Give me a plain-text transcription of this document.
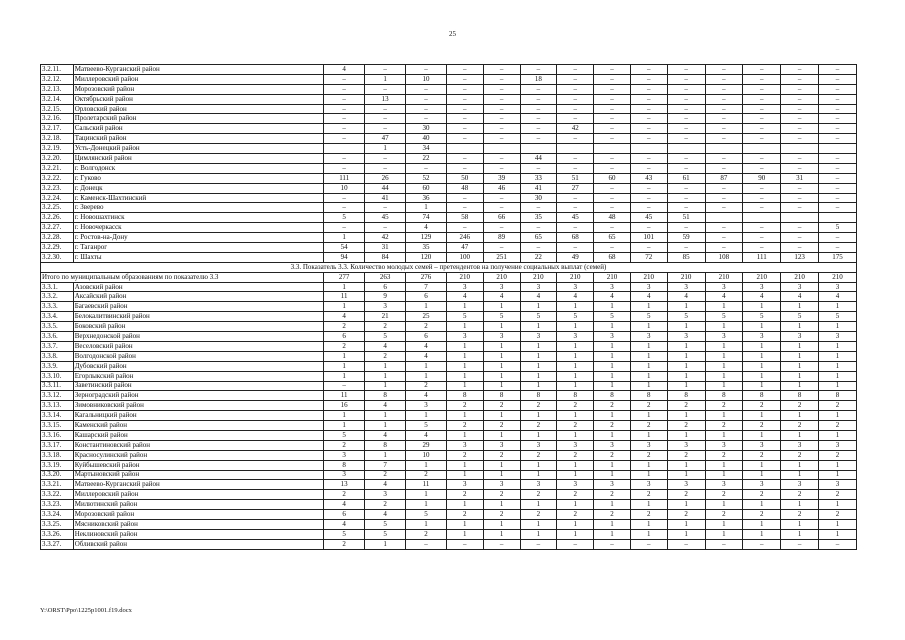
25
3.2.11.	Матвеево-Курганский район	4	–	–	–	–	–	–	–	–	–	–	–	–	–
3.2.12.	Миллеровский район	–	1	10	–	–	18	–	–	–	–	–	–	–	–
3.2.13.	Морозовский район	–	–	–	–	–	–	–	–	–	–	–	–	–	–
3.2.14.	Октябрьский район	–	13	–	–	–	–	–	–	–	–	–	–	–	–
3.2.15.	Орловский район	–	–	–	–	–	–	–	–	–	–	–	–	–	–
3.2.16.	Пролетарский район	–	–	–	–	–	–	–	–	–	–	–	–	–	–
3.2.17.	Сальский район	–	–	30	–	–	–	42	–	–	–	–	–	–	–
3.2.18.	Тацинский район	–	47	40	–	–	–	–	–	–	–	–	–	–	–
3.2.19.	Усть-Донецкий район		1	34											
3.2.20.	Цимлянский район	–	–	22	–	–	44	–	–	–	–	–	–	–	–
3.2.21.	г. Волгодонск	–	–	–	–	–	–	–	–	–	–	–	–	–	–
3.2.22.	г. Гуково	111	26	52	50	39	33	51	60	43	61	87	90	31	–
3.2.23.	г. Донецк	10	44	60	48	46	41	27	–	–	–	–	–	–	–
3.2.24.	г. Каменск-Шахтинский	–	41	36	–	–	30	–	–	–	–	–	–	–	–
3.2.25.	г. Зверево	–	–	1	–	–	–	–	–	–	–	–	–	–	–
3.2.26.	г. Новошахтинск	5	45	74	58	66	35	45	48	45	51				
3.2.27.	г. Новочеркасск	–	–	4	–	–	–	–	–	–	–	–	–	–	5
3.2.28.	г. Ростов-на-Дону	1	42	129	246	89	65	68	65	101	59	–	–	–	–
3.2.29.	г. Таганрог	54	31	35	47	–	–	–	–	–	–	–	–	–	–
3.2.30.	г. Шахты	94	84	120	100	251	22	49	68	72	85	108	111	123	175
3.3. Показатель 3.3. Количество молодых семей – претендентов на получение социальных выплат (семей)															
Итого по муниципальным образованиям по показателю 3.3		277	263	276	210	210	210	210	210	210	210	210	210	210	210
3.3.1.	Азовский район	1	6	7	3	3	3	3	3	3	3	3	3	3	3
3.3.2.	Аксайский район	11	9	6	4	4	4	4	4	4	4	4	4	4	4
3.3.3.	Багаевский район	1	3	1	1	1	1	1	1	1	1	1	1	1	1
3.3.4.	Белокалитвинский район	4	21	25	5	5	5	5	5	5	5	5	5	5	5
3.3.5.	Боковский район	2	2	2	1	1	1	1	1	1	1	1	1	1	1
3.3.6.	Верхнедонской район	6	5	6	3	3	3	3	3	3	3	3	3	3	3
3.3.7.	Веселовский район	2	4	4	1	1	1	1	1	1	1	1	1	1	1
3.3.8.	Волгодонской район	1	2	4	1	1	1	1	1	1	1	1	1	1	1
3.3.9.	Дубовский район	1	1	1	1	1	1	1	1	1	1	1	1	1	1
3.3.10.	Егорлыкский район	1	1	1	1	1	1	1	1	1	1	1	1	1	1
3.3.11.	Заветинский район	–	1	2	1	1	1	1	1	1	1	1	1	1	1
3.3.12.	Зерноградский район	11	8	4	8	8	8	8	8	8	8	8	8	8	8
3.3.13.	Зимовниковский район	16	4	3	2	2	2	2	2	2	2	2	2	2	2
3.3.14.	Кагальницкий район	1	1	1	1	1	1	1	1	1	1	1	1	1	1
3.3.15.	Каменский район	1	1	5	2	2	2	2	2	2	2	2	2	2	2
3.3.16.	Кашарский район	5	4	4	1	1	1	1	1	1	1	1	1	1	1
3.3.17.	Константиновский район	2	8	29	3	3	3	3	3	3	3	3	3	3	3
3.3.18.	Красносулинский район	3	1	10	2	2	2	2	2	2	2	2	2	2	2
3.3.19.	Куйбышевский район	8	7	1	1	1	1	1	1	1	1	1	1	1	1
3.3.20.	Мартыновский район	3	2	2	1	1	1	1	1	1	1	1	1	1	1
3.3.21.	Матвеево-Курганский район	13	4	11	3	3	3	3	3	3	3	3	3	3	3
3.3.22.	Миллеровский район	2	3	1	2	2	2	2	2	2	2	2	2	2	2
3.3.23.	Милютинский район	4	2	1	1	1	1	1	1	1	1	1	1	1	1
3.3.24.	Морозовский район	6	4	5	2	2	2	2	2	2	2	2	2	2	2
3.3.25.	Мясниковский район	4	5	1	1	1	1	1	1	1	1	1	1	1	1
3.3.26.	Неклиновский район	5	5	2	1	1	1	1	1	1	1	1	1	1	1
3.3.27.	Обливский район	2	1	–	–	–	–	–	–	–	–	–	–	–	–
Y:\ORST\Ppo\1225p1001.f19.docx
